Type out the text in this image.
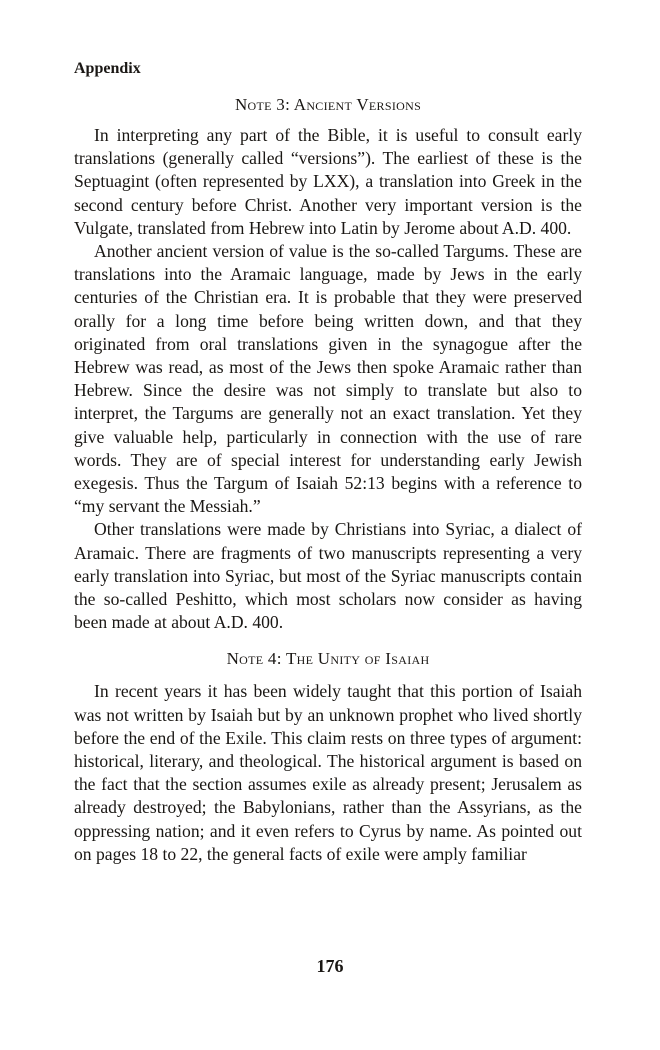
Appendix
Note 3: Ancient Versions

In interpreting any part of the Bible, it is useful to consult early translations (generally called “versions”). The earliest of these is the Septuagint (often represented by LXX), a translation into Greek in the second century before Christ. Another very important version is the Vulgate, translated from Hebrew into Latin by Jerome about A.D. 400.

Another ancient version of value is the so-called Targums. These are translations into the Aramaic language, made by Jews in the early centuries of the Christian era. It is probable that they were preserved orally for a long time before being written down, and that they originated from oral translations given in the synagogue after the Hebrew was read, as most of the Jews then spoke Aramaic rather than Hebrew. Since the desire was not simply to translate but also to interpret, the Targums are generally not an exact translation. Yet they give valuable help, particularly in connection with the use of rare words. They are of special interest for understanding early Jewish exegesis. Thus the Targum of Isaiah 52:13 begins with a reference to “my servant the Messiah.”

Other translations were made by Christians into Syriac, a dialect of Aramaic. There are fragments of two manuscripts representing a very early translation into Syriac, but most of the Syriac manuscripts contain the so-called Peshitto, which most scholars now consider as having been made at about A.D. 400.

Note 4: The Unity of Isaiah

In recent years it has been widely taught that this portion of Isaiah was not written by Isaiah but by an unknown prophet who lived shortly before the end of the Exile. This claim rests on three types of argument: historical, literary, and theological. The historical argument is based on the fact that the section assumes exile as already present; Jerusalem as already destroyed; the Babylonians, rather than the Assyrians, as the oppressing nation; and it even refers to Cyrus by name. As pointed out on pages 18 to 22, the general facts of exile were amply familiar

176
